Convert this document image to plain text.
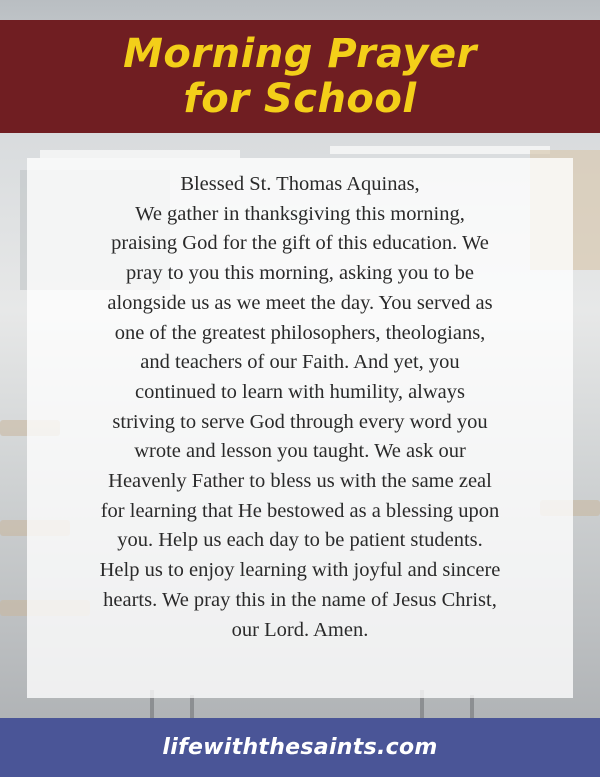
Morning Prayer
for School
Blessed St. Thomas Aquinas,
We gather in thanksgiving this morning,
praising God for the gift of this education. We
pray to you this morning, asking you to be
alongside us as we meet the day. You served as
one of the greatest philosophers, theologians,
and teachers of our Faith. And yet, you
continued to learn with humility, always
striving to serve God through every word you
wrote and lesson you taught. We ask our
Heavenly Father to bless us with the same zeal
for learning that He bestowed as a blessing upon
you. Help us each day to be patient students.
Help us to enjoy learning with joyful and sincere
hearts. We pray this in the name of Jesus Christ,
our Lord. Amen.
lifewiththesaints.com
